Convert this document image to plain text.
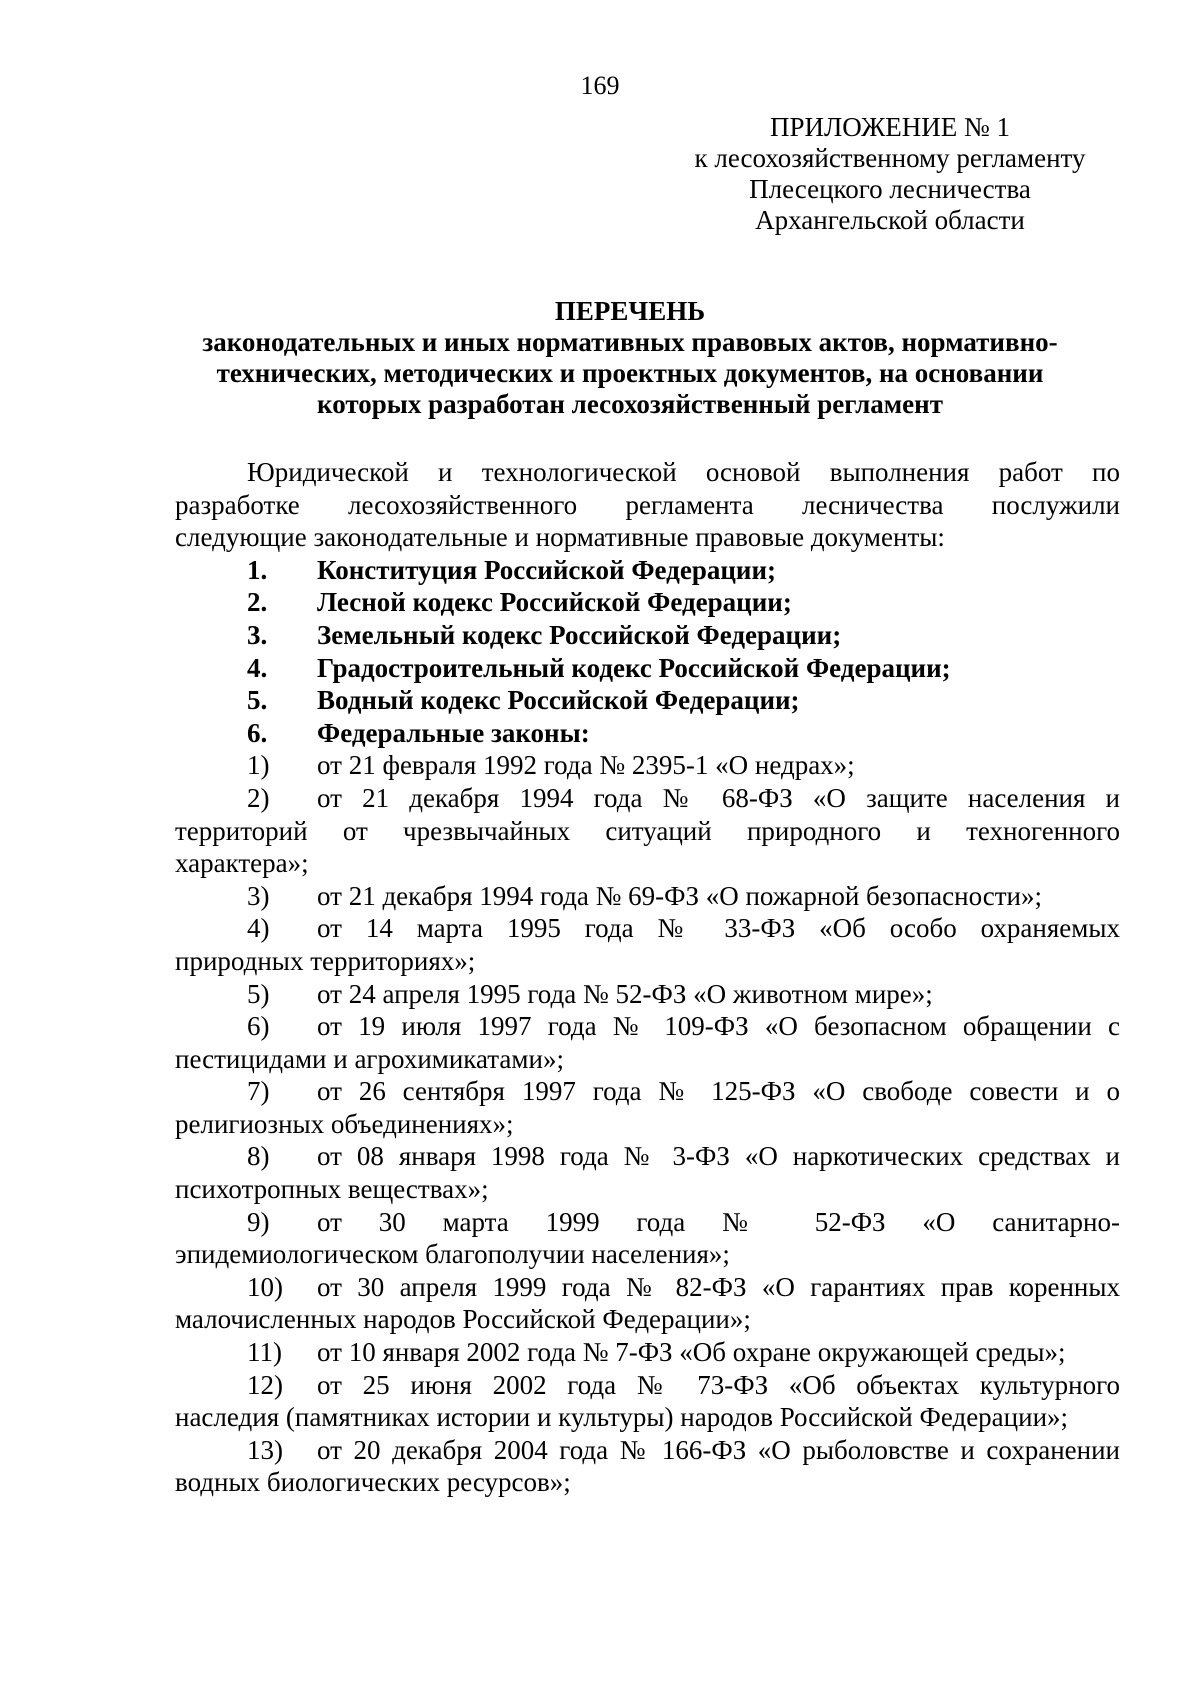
169
ПРИЛОЖЕНИЕ № 1
к лесохозяйственному регламенту
Плесецкого лесничества
Архангельской области
ПЕРЕЧЕНЬ
законодательных и иных нормативных правовых актов, нормативно-
технических, методических и проектных документов, на основании
которых разработан лесохозяйственный регламент
Юридической и технологической основой выполнения работ по
разработке лесохозяйственного регламента лесничества послужили
следующие законодательные и нормативные правовые документы:
1.	Конституция Российской Федерации;
2.	Лесной кодекс Российской Федерации;
3.	Земельный кодекс Российской Федерации;
4.	Градостроительный кодекс Российской Федерации;
5.	Водный кодекс Российской Федерации;
6.	Федеральные законы:
1)	от 21 февраля 1992 года № 2395-1 «О недрах»;
2)	от 21 декабря 1994 года № 68-ФЗ «О защите населения и
территорий от чрезвычайных ситуаций природного и техногенного
характера»;
3)	от 21 декабря 1994 года № 69-ФЗ «О пожарной безопасности»;
4)	от 14 марта 1995 года № 33-ФЗ «Об особо охраняемых
природных территориях»;
5)	от 24 апреля 1995 года № 52-ФЗ «О животном мире»;
6)	от 19 июля 1997 года № 109-ФЗ «О безопасном обращении с
пестицидами и агрохимикатами»;
7)	от 26 сентября 1997 года № 125-ФЗ «О свободе совести и о
религиозных объединениях»;
8)	от 08 января 1998 года № 3-ФЗ «О наркотических средствах и
психотропных веществах»;
9)	от 30 марта 1999 года № 52-ФЗ «О санитарно-
эпидемиологическом благополучии населения»;
10)	от 30 апреля 1999 года № 82-ФЗ «О гарантиях прав коренных
малочисленных народов Российской Федерации»;
11)	от 10 января 2002 года № 7-ФЗ «Об охране окружающей среды»;
12)	от 25 июня 2002 года № 73-ФЗ «Об объектах культурного
наследия (памятниках истории и культуры) народов Российской Федерации»;
13)	от 20 декабря 2004 года № 166-ФЗ «О рыболовстве и сохранении
водных биологических ресурсов»;
